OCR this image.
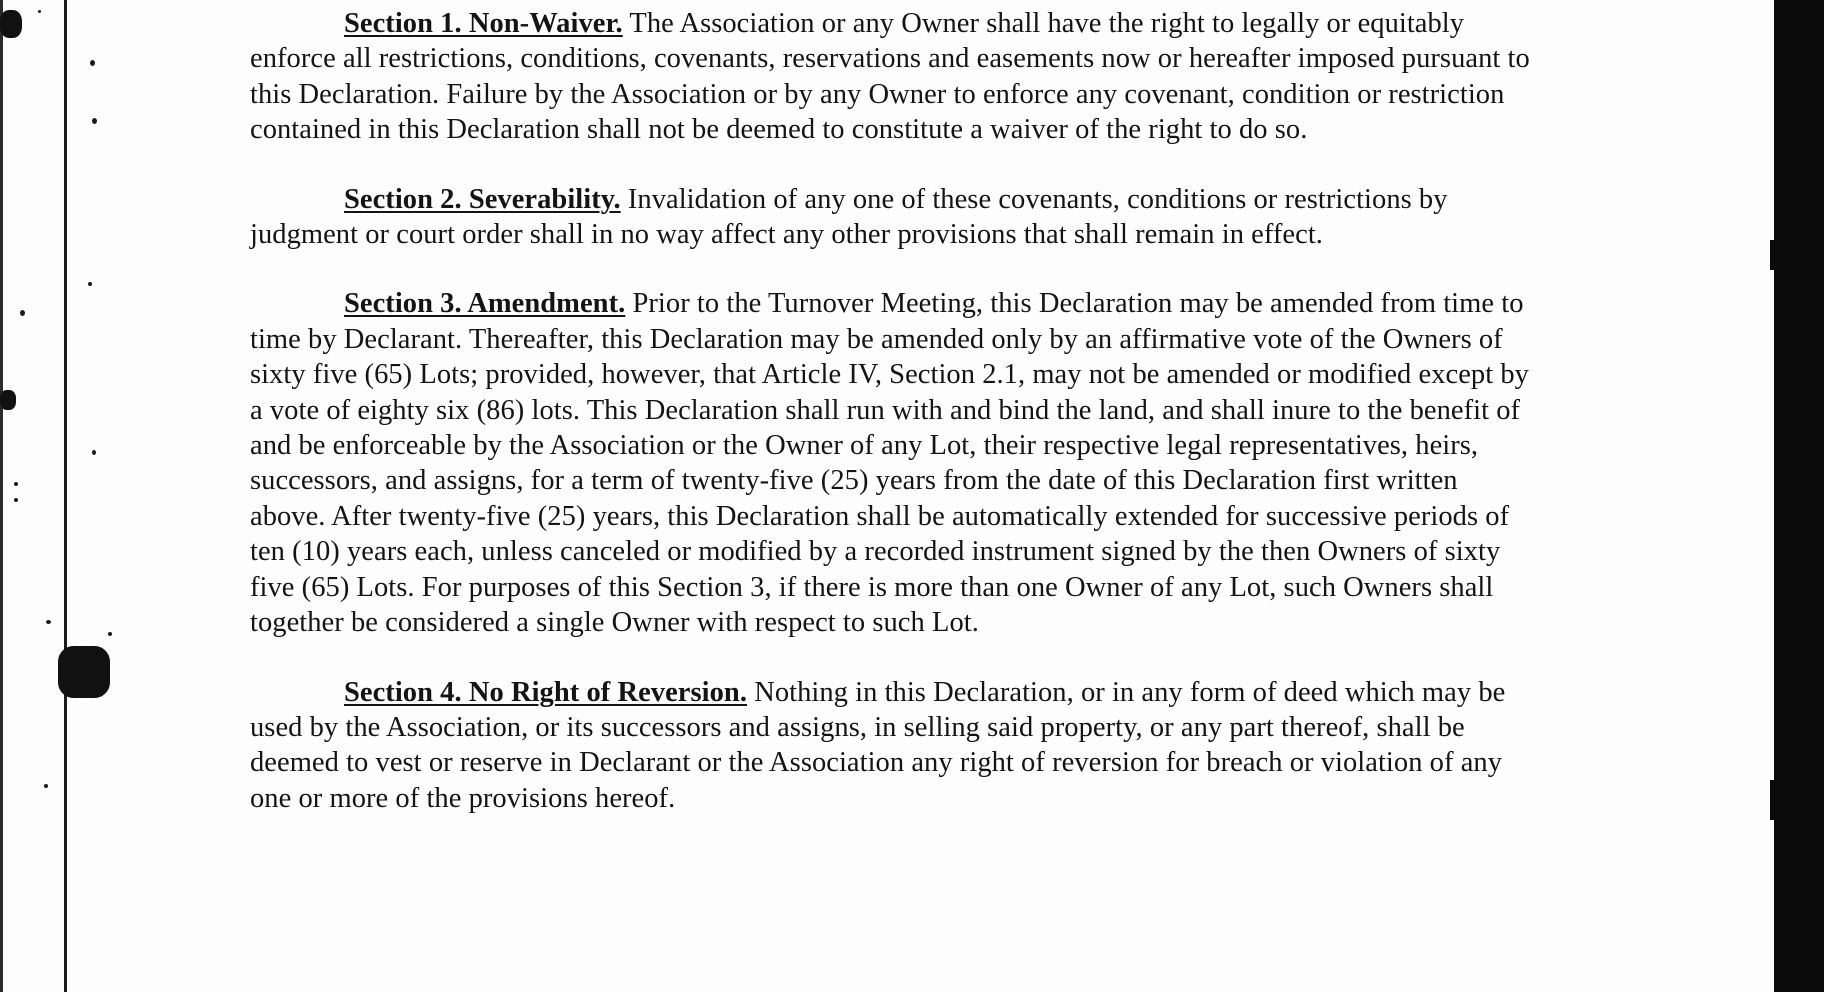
Section 1. Non-Waiver. The Association or any Owner shall have the right to legally or equitably enforce all restrictions, conditions, covenants, reservations and easements now or hereafter imposed pursuant to this Declaration. Failure by the Association or by any Owner to enforce any covenant, condition or restriction contained in this Declaration shall not be deemed to constitute a waiver of the right to do so.

Section 2. Severability. Invalidation of any one of these covenants, conditions or restrictions by judgment or court order shall in no way affect any other provisions that shall remain in effect.

Section 3. Amendment. Prior to the Turnover Meeting, this Declaration may be amended from time to time by Declarant. Thereafter, this Declaration may be amended only by an affirmative vote of the Owners of sixty five (65) Lots; provided, however, that Article IV, Section 2.1, may not be amended or modified except by a vote of eighty six (86) lots. This Declaration shall run with and bind the land, and shall inure to the benefit of and be enforceable by the Association or the Owner of any Lot, their respective legal representatives, heirs, successors, and assigns, for a term of twenty-five (25) years from the date of this Declaration first written above. After twenty-five (25) years, this Declaration shall be automatically extended for successive periods of ten (10) years each, unless canceled or modified by a recorded instrument signed by the then Owners of sixty five (65) Lots. For purposes of this Section 3, if there is more than one Owner of any Lot, such Owners shall together be considered a single Owner with respect to such Lot.

Section 4. No Right of Reversion. Nothing in this Declaration, or in any form of deed which may be used by the Association, or its successors and assigns, in selling said property, or any part thereof, shall be deemed to vest or reserve in Declarant or the Association any right of reversion for breach or violation of any one or more of the provisions hereof.
